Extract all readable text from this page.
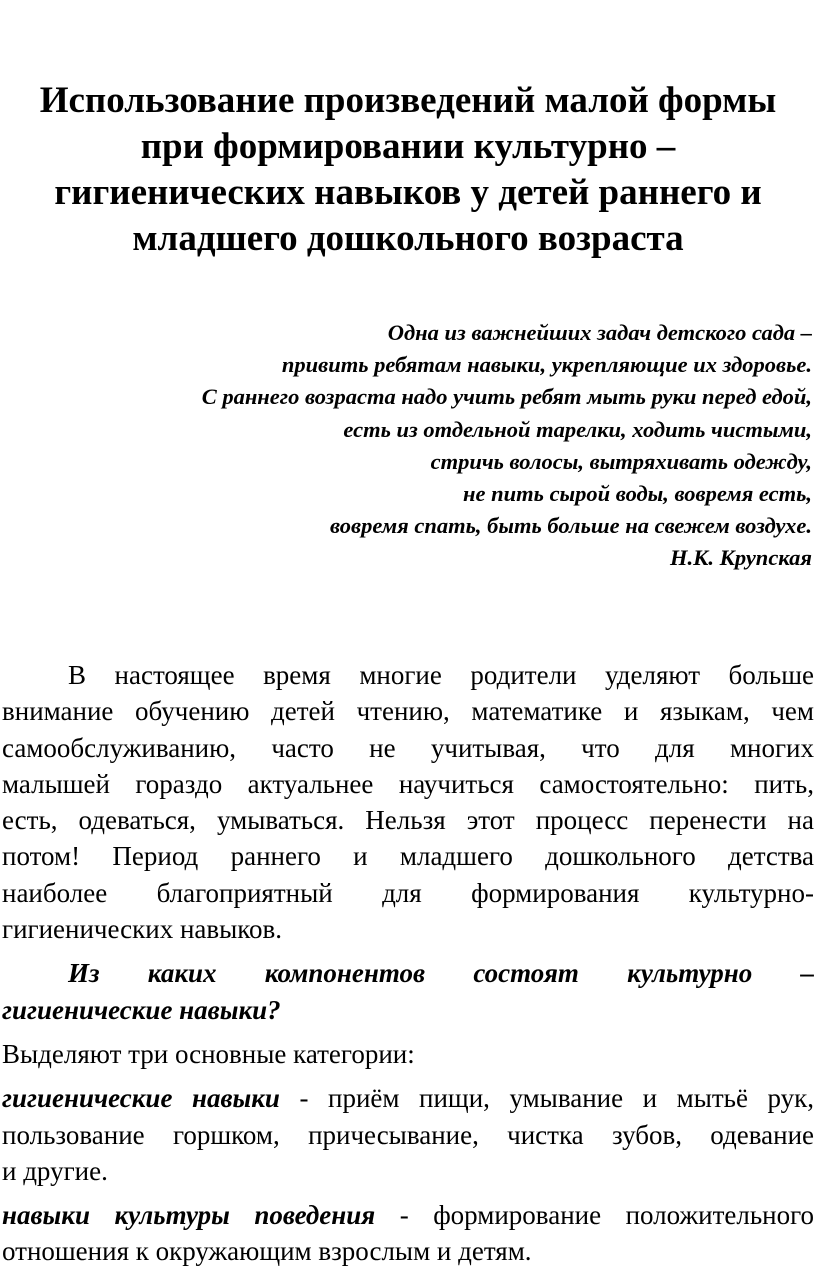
Использование произведений малой формы
при формировании культурно –
гигиенических навыков у детей раннего и
младшего дошкольного возраста
Одна из важнейших задач детского сада –
привить ребятам навыки, укрепляющие их здоровье.
С раннего возраста надо учить ребят мыть руки перед едой,
есть из отдельной тарелки, ходить чистыми,
стричь волосы, вытряхивать одежду,
не пить сырой воды, вовремя есть,
вовремя спать, быть больше на свежем воздухе.
Н.К. Крупская
В настоящее время многие родители уделяют больше
внимание обучению детей чтению, математике и языкам, чем
самообслуживанию, часто не учитывая, что для многих
малышей гораздо актуальнее научиться самостоятельно: пить,
есть, одеваться, умываться. Нельзя этот процесс перенести на
потом! Период раннего и младшего дошкольного детства
наиболее благоприятный для формирования культурно-
гигиенических навыков.
Из каких компонентов состоят культурно –
гигиенические навыки?
Выделяют три основные категории:
гигиенические навыки - приём пищи, умывание и мытьё рук,
пользование горшком, причесывание, чистка зубов, одевание
и другие.
навыки культуры поведения - формирование положительного
отношения к окружающим взрослым и детям.
